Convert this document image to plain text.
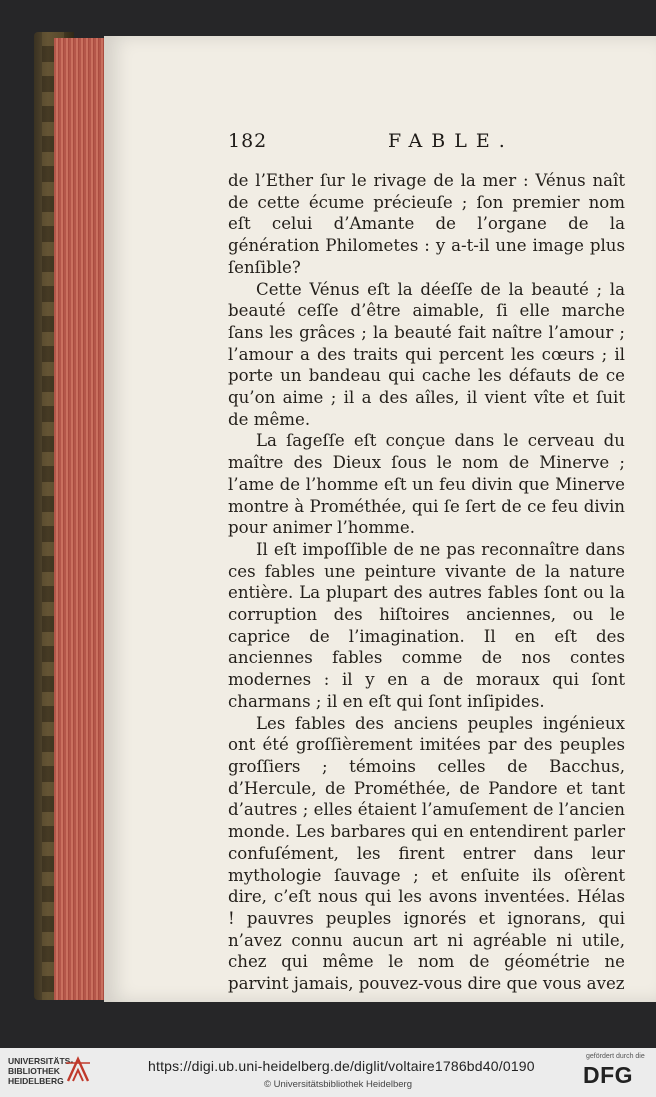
182	FABLE.

de l’Ether ſur le rivage de la mer : Vénus naît de cette écume précieuſe ; ſon premier nom eſt celui d’Amante de l’organe de la génération Philometes : y a-t-il une image plus ſenſible?

Cette Vénus eſt la déeſſe de la beauté ; la beauté ceſſe d’être aimable, ſi elle marche ſans les grâces ; la beauté fait naître l’amour ; l’amour a des traits qui percent les cœurs ; il porte un bandeau qui cache les défauts de ce qu’on aime ; il a des aîles, il vient vîte et ſuit de même.

La ſageſſe eſt conçue dans le cerveau du maître des Dieux ſous le nom de Minerve ; l’ame de l’homme eſt un feu divin que Minerve montre à Prométhée, qui ſe ſert de ce feu divin pour animer l’homme.

Il eſt impoſſible de ne pas reconnaître dans ces fables une peinture vivante de la nature entière. La plupart des autres fables ſont ou la corruption des hiſtoires anciennes, ou le caprice de l’imagination. Il en eſt des anciennes fables comme de nos contes modernes : il y en a de moraux qui ſont charmans ; il en eſt qui ſont inſipides.

Les fables des anciens peuples ingénieux ont été groſſièrement imitées par des peuples groſſiers ; témoins celles de Bacchus, d’Hercule, de Prométhée, de Pandore et tant d’autres ; elles étaient l’amuſement de l’ancien monde. Les barbares qui en entendirent parler confuſément, les firent entrer dans leur mythologie ſauvage ; et enſuite ils oſèrent dire, c’eſt nous qui les avons inventées. Hélas ! pauvres peuples ignorés et ignorans, qui n’avez connu aucun art ni agréable ni utile, chez qui même le nom de géométrie ne parvint jamais, pouvez-vous dire que vous avez

UNIVERSITÄTS-
BIBLIOTHEK
HEIDELBERG
https://digi.ub.uni-heidelberg.de/diglit/voltaire1786bd40/0190
© Universitätsbibliothek Heidelberg
gefördert durch die
DFG
